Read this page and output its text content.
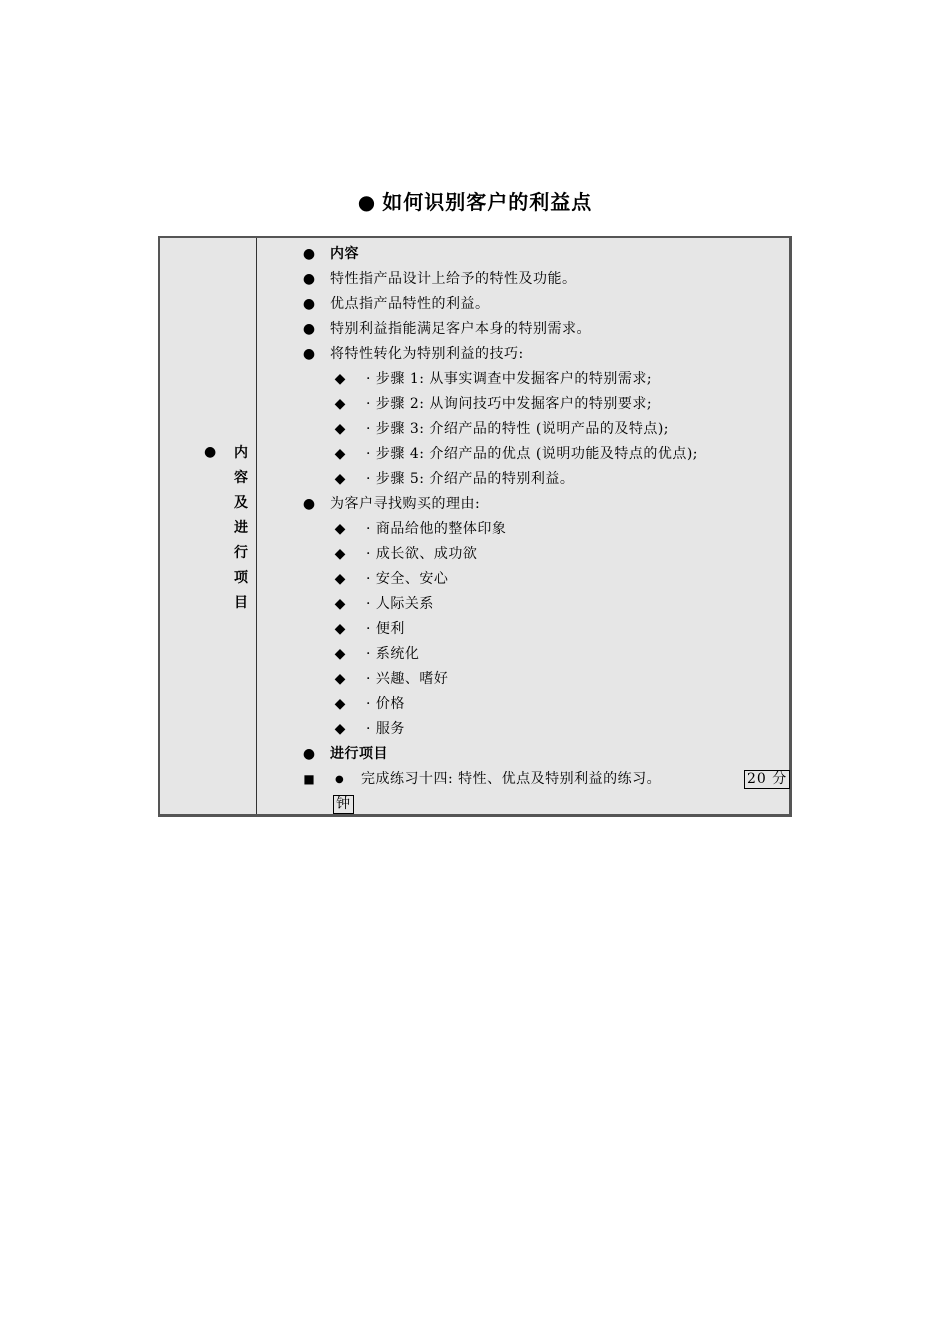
● 如何识别客户的利益点
● 内容及进行项目
● 内容
● 特性指产品设计上给予的特性及功能。
● 优点指产品特性的利益。
● 特别利益指能满足客户本身的特别需求。
● 将特性转化为特别利益的技巧:
◆ · 步骤 1: 从事实调查中发掘客户的特别需求;
◆ · 步骤 2: 从询问技巧中发掘客户的特别要求;
◆ · 步骤 3: 介绍产品的特性 (说明产品的及特点);
◆ · 步骤 4: 介绍产品的优点 (说明功能及特点的优点);
◆ · 步骤 5: 介绍产品的特别利益。
● 为客户寻找购买的理由:
◆ · 商品给他的整体印象
◆ · 成长欲、成功欲
◆ · 安全、安心
◆ · 人际关系
◆ · 便利
◆ · 系统化
◆ · 兴趣、嗜好
◆ · 价格
◆ · 服务
● 进行项目
■ ● 完成练习十四: 特性、优点及特别利益的练习。	20 分
钟
